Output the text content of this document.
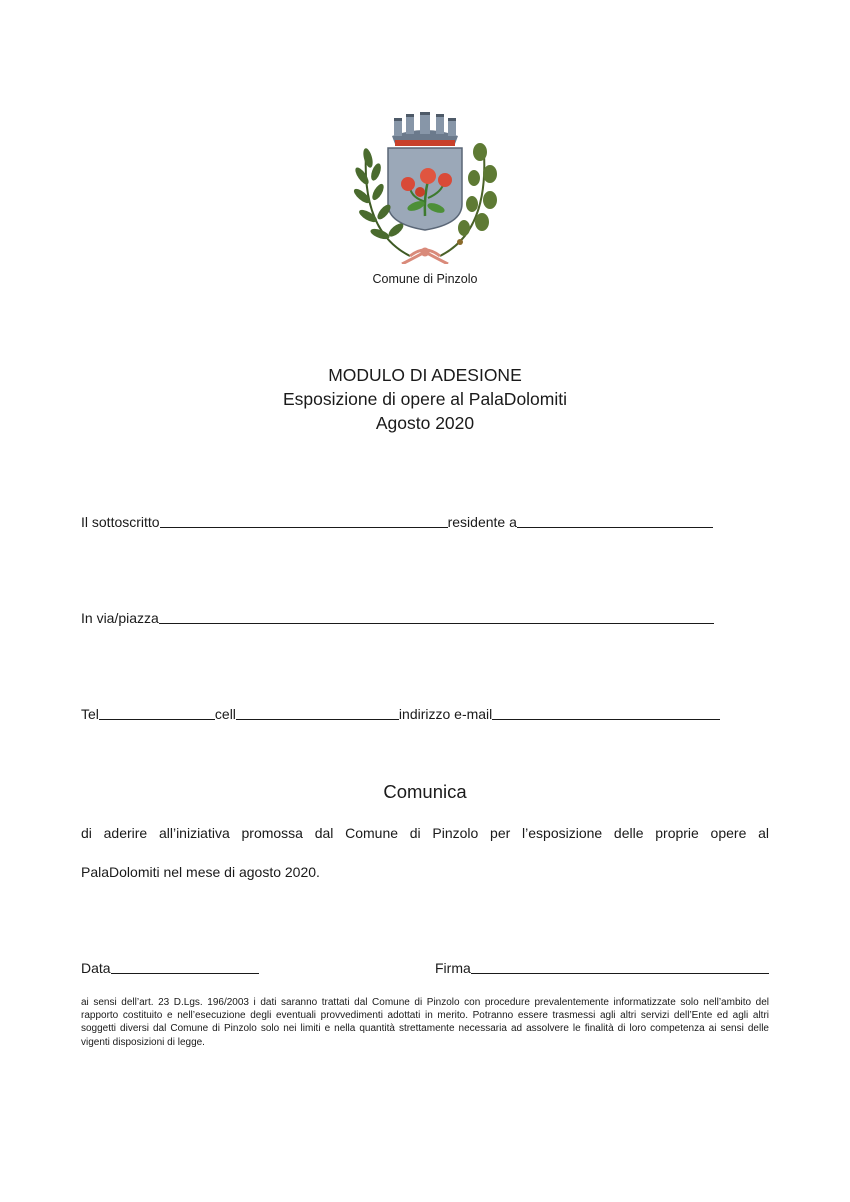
Comune di Pinzolo
MODULO DI ADESIONE
Esposizione di opere al PalaDolomiti
Agosto 2020
Il sottoscritto	residente a
In via/piazza
Tel	cell	indirizzo e-mail
Comunica
di aderire all’iniziativa promossa dal Comune di Pinzolo per l’esposizione delle proprie opere al
PalaDolomiti nel mese di agosto 2020.
Data	Firma
ai sensi dell’art. 23 D.Lgs. 196/2003 i dati saranno trattati dal Comune di Pinzolo con procedure prevalentemente informatizzate solo nell’ambito del rapporto costituito e nell’esecuzione degli eventuali provvedimenti adottati in merito. Potranno essere trasmessi agli altri servizi dell’Ente ed agli altri soggetti diversi dal Comune di Pinzolo solo nei limiti e nella quantità strettamente necessaria ad assolvere le finalità di loro competenza ai sensi delle vigenti disposizioni di legge.
